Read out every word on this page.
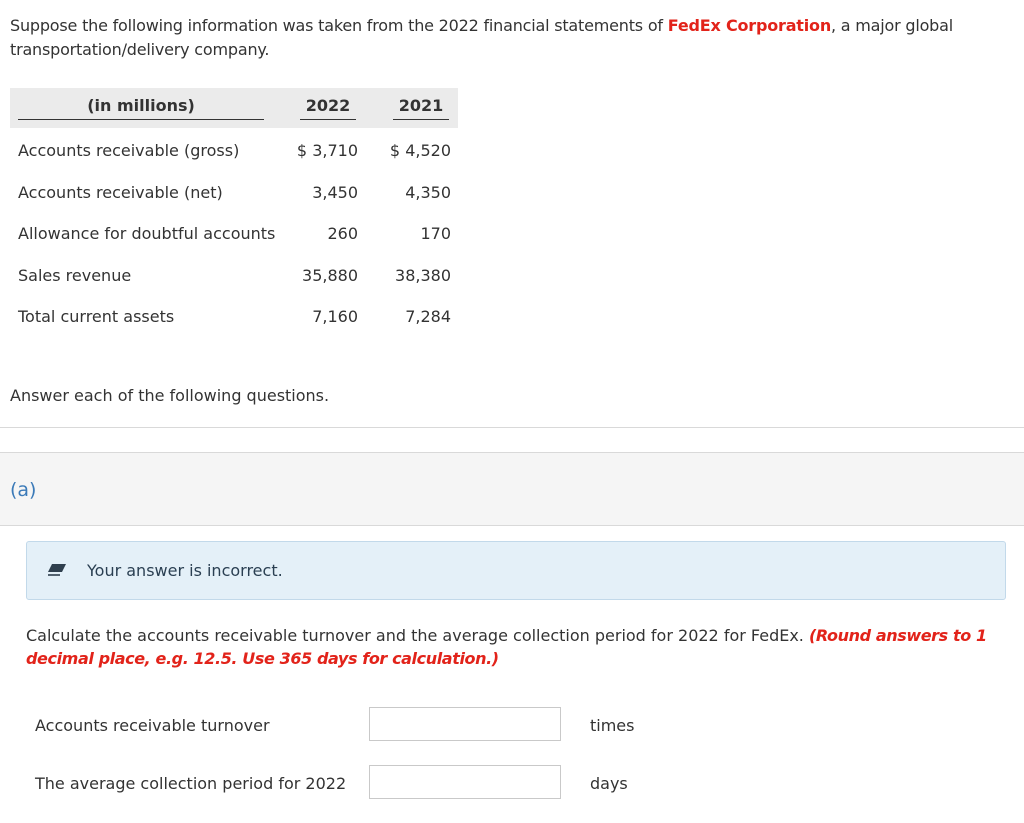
Suppose the following information was taken from the 2022 financial statements of FedEx Corporation, a major global transportation/delivery company.
(in millions)	2022	2021
Accounts receivable (gross)	$ 3,710 $ 4,520
Accounts receivable (net)	3,450	4,350
Allowance for doubtful accounts	260	170
Sales revenue	35,880 38,380
Total current assets	7,160	7,284
Answer each of the following questions.
(a)
Your answer is incorrect.
Calculate the accounts receivable turnover and the average collection period for 2022 for FedEx. (Round answers to 1 decimal place, e.g. 12.5. Use 365 days for calculation.)
Accounts receivable turnover	times
The average collection period for 2022	days
